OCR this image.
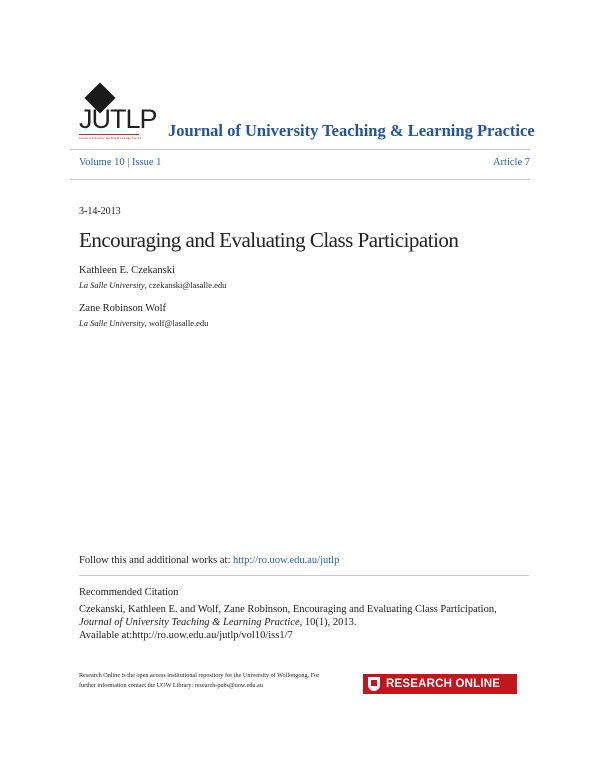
JUTLP
Journal of University Teaching & Learning Practice Journal of University Teaching & Learning Practice
Volume 10 | Issue 1	Article 7
3-14-2013
Encouraging and Evaluating Class Participation
Kathleen E. Czekanski
La Salle University, czekanski@lasalle.edu
Zane Robinson Wolf
La Salle University, wolf@lasalle.edu
Follow this and additional works at: http://ro.uow.edu.au/jutlp
Recommended Citation
Czekanski, Kathleen E. and Wolf, Zane Robinson, Encouraging and Evaluating Class Participation, Journal of University Teaching & Learning Practice, 10(1), 2013.
Available at:http://ro.uow.edu.au/jutlp/vol10/iss1/7
Research Online is the open access institutional repository for the University of Wollongong. For further information contact the UOW Library: research-pubs@uow.edu.au	RESEARCH ONLINE
